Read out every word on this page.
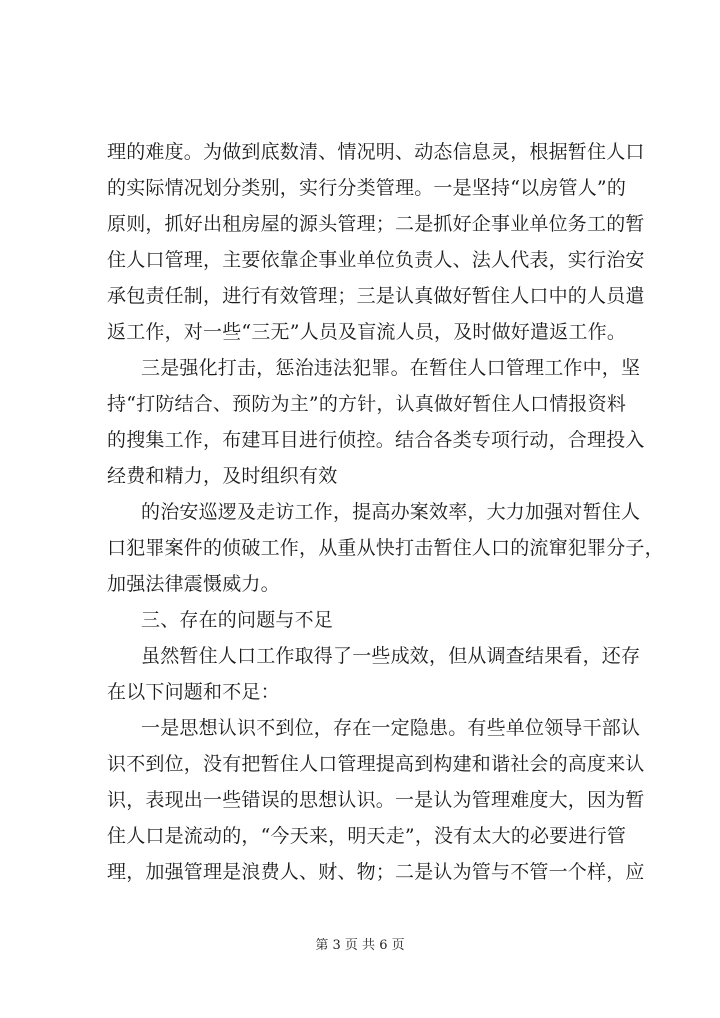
理的难度。为做到底数清、情况明、动态信息灵，根据暂住人口
的实际情况划分类别，实行分类管理。一是坚持“以房管人”的
原则，抓好出租房屋的源头管理；二是抓好企事业单位务工的暂
住人口管理，主要依靠企事业单位负责人、法人代表，实行治安
承包责任制，进行有效管理；三是认真做好暂住人口中的人员遣
返工作，对一些“三无”人员及盲流人员，及时做好遣返工作。
三是强化打击，惩治违法犯罪。在暂住人口管理工作中，坚
持“打防结合、预防为主”的方针，认真做好暂住人口情报资料
的搜集工作，布建耳目进行侦控。结合各类专项行动，合理投入
经费和精力，及时组织有效
的治安巡逻及走访工作，提高办案效率，大力加强对暂住人
口犯罪案件的侦破工作，从重从快打击暂住人口的流窜犯罪分子，
加强法律震慑威力。
三、存在的问题与不足
虽然暂住人口工作取得了一些成效，但从调查结果看，还存
在以下问题和不足：
一是思想认识不到位，存在一定隐患。有些单位领导干部认
识不到位，没有把暂住人口管理提高到构建和谐社会的高度来认
识，表现出一些错误的思想认识。一是认为管理难度大，因为暂
住人口是流动的，“今天来，明天走”，没有太大的必要进行管
理，加强管理是浪费人、财、物；二是认为管与不管一个样，应
第 3 页 共 6 页
